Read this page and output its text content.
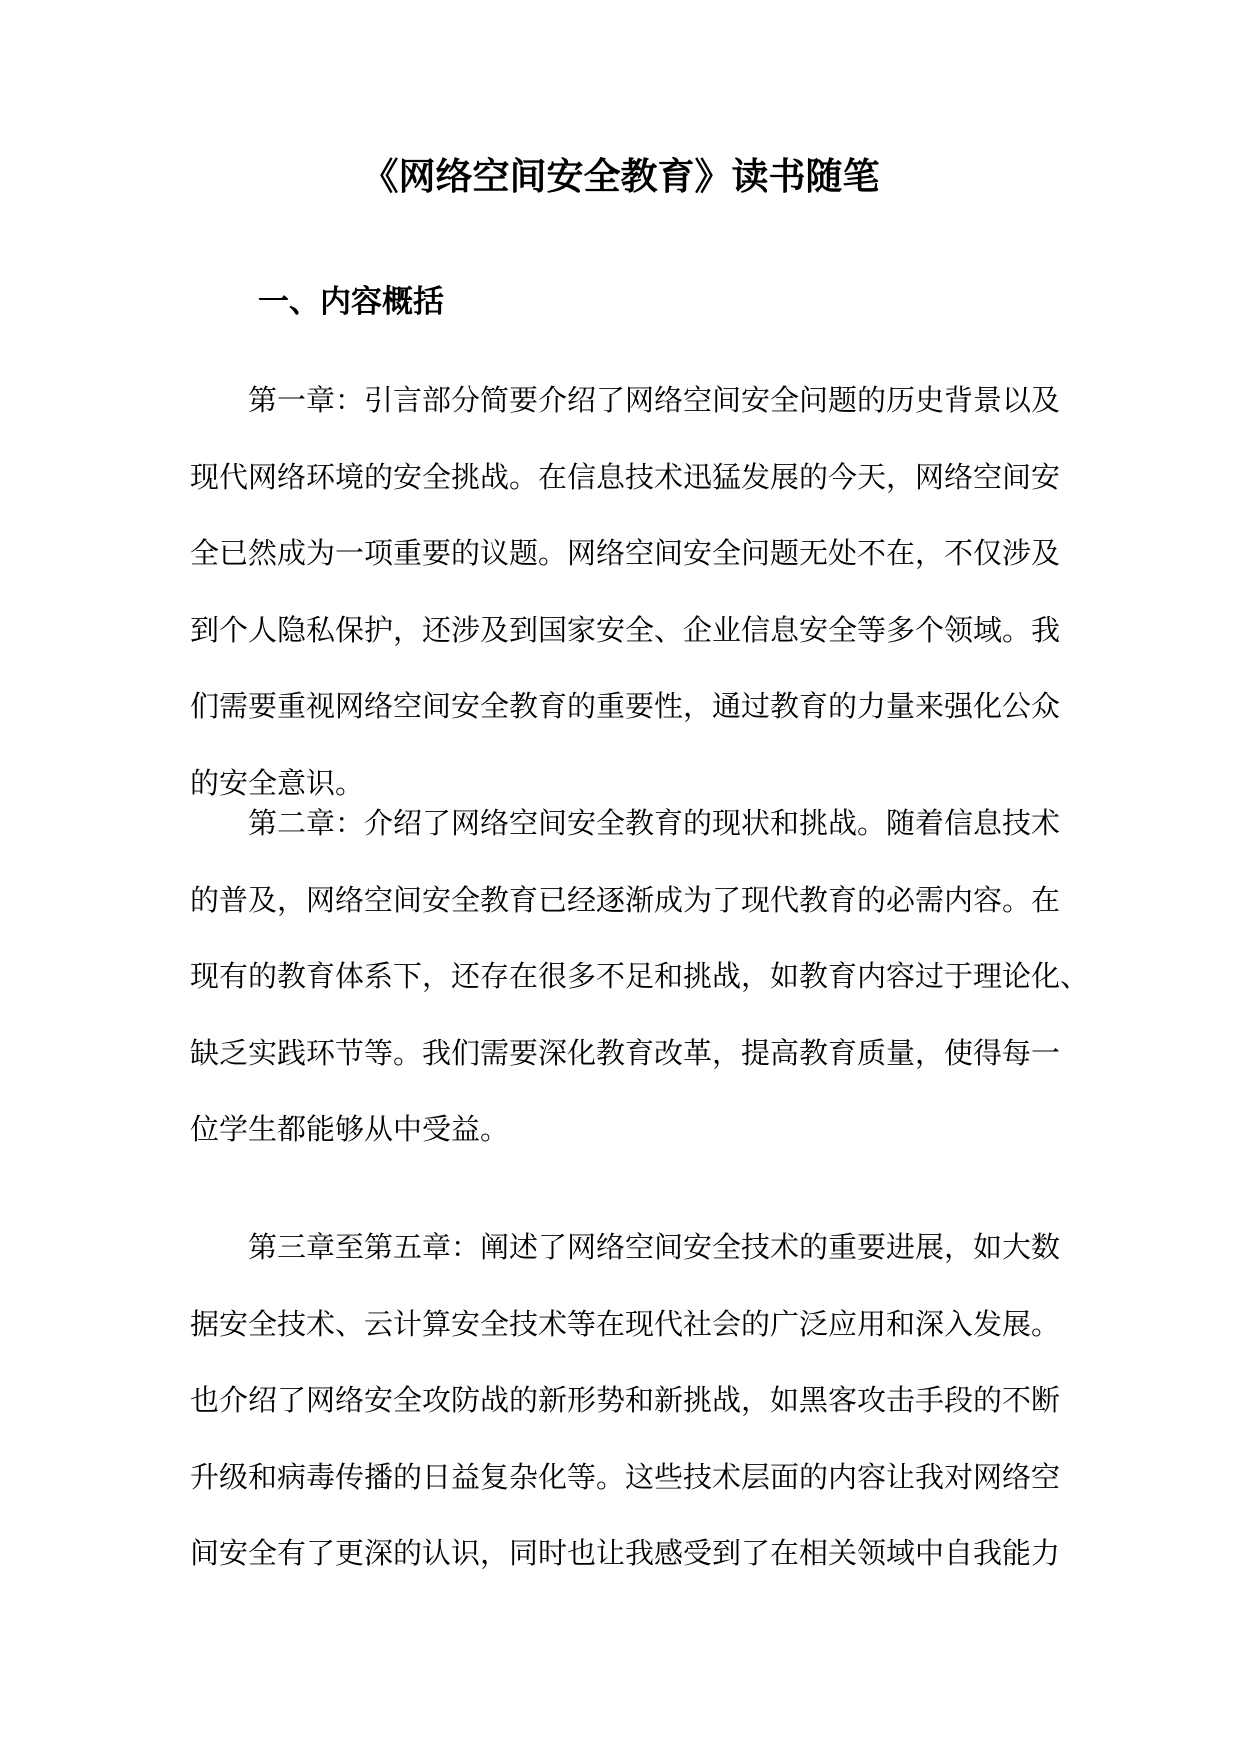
《网络空间安全教育》读书随笔
一、内容概括
第一章：引言部分简要介绍了网络空间安全问题的历史背景以及
现代网络环境的安全挑战。在信息技术迅猛发展的今天，网络空间安
全已然成为一项重要的议题。网络空间安全问题无处不在，不仅涉及
到个人隐私保护，还涉及到国家安全、企业信息安全等多个领域。我
们需要重视网络空间安全教育的重要性，通过教育的力量来强化公众
的安全意识。
第二章：介绍了网络空间安全教育的现状和挑战。随着信息技术
的普及，网络空间安全教育已经逐渐成为了现代教育的必需内容。在
现有的教育体系下，还存在很多不足和挑战，如教育内容过于理论化、
缺乏实践环节等。我们需要深化教育改革，提高教育质量，使得每一
位学生都能够从中受益。
第三章至第五章：阐述了网络空间安全技术的重要进展，如大数
据安全技术、云计算安全技术等在现代社会的广泛应用和深入发展。
也介绍了网络安全攻防战的新形势和新挑战，如黑客攻击手段的不断
升级和病毒传播的日益复杂化等。这些技术层面的内容让我对网络空
间安全有了更深的认识，同时也让我感受到了在相关领域中自我能力
